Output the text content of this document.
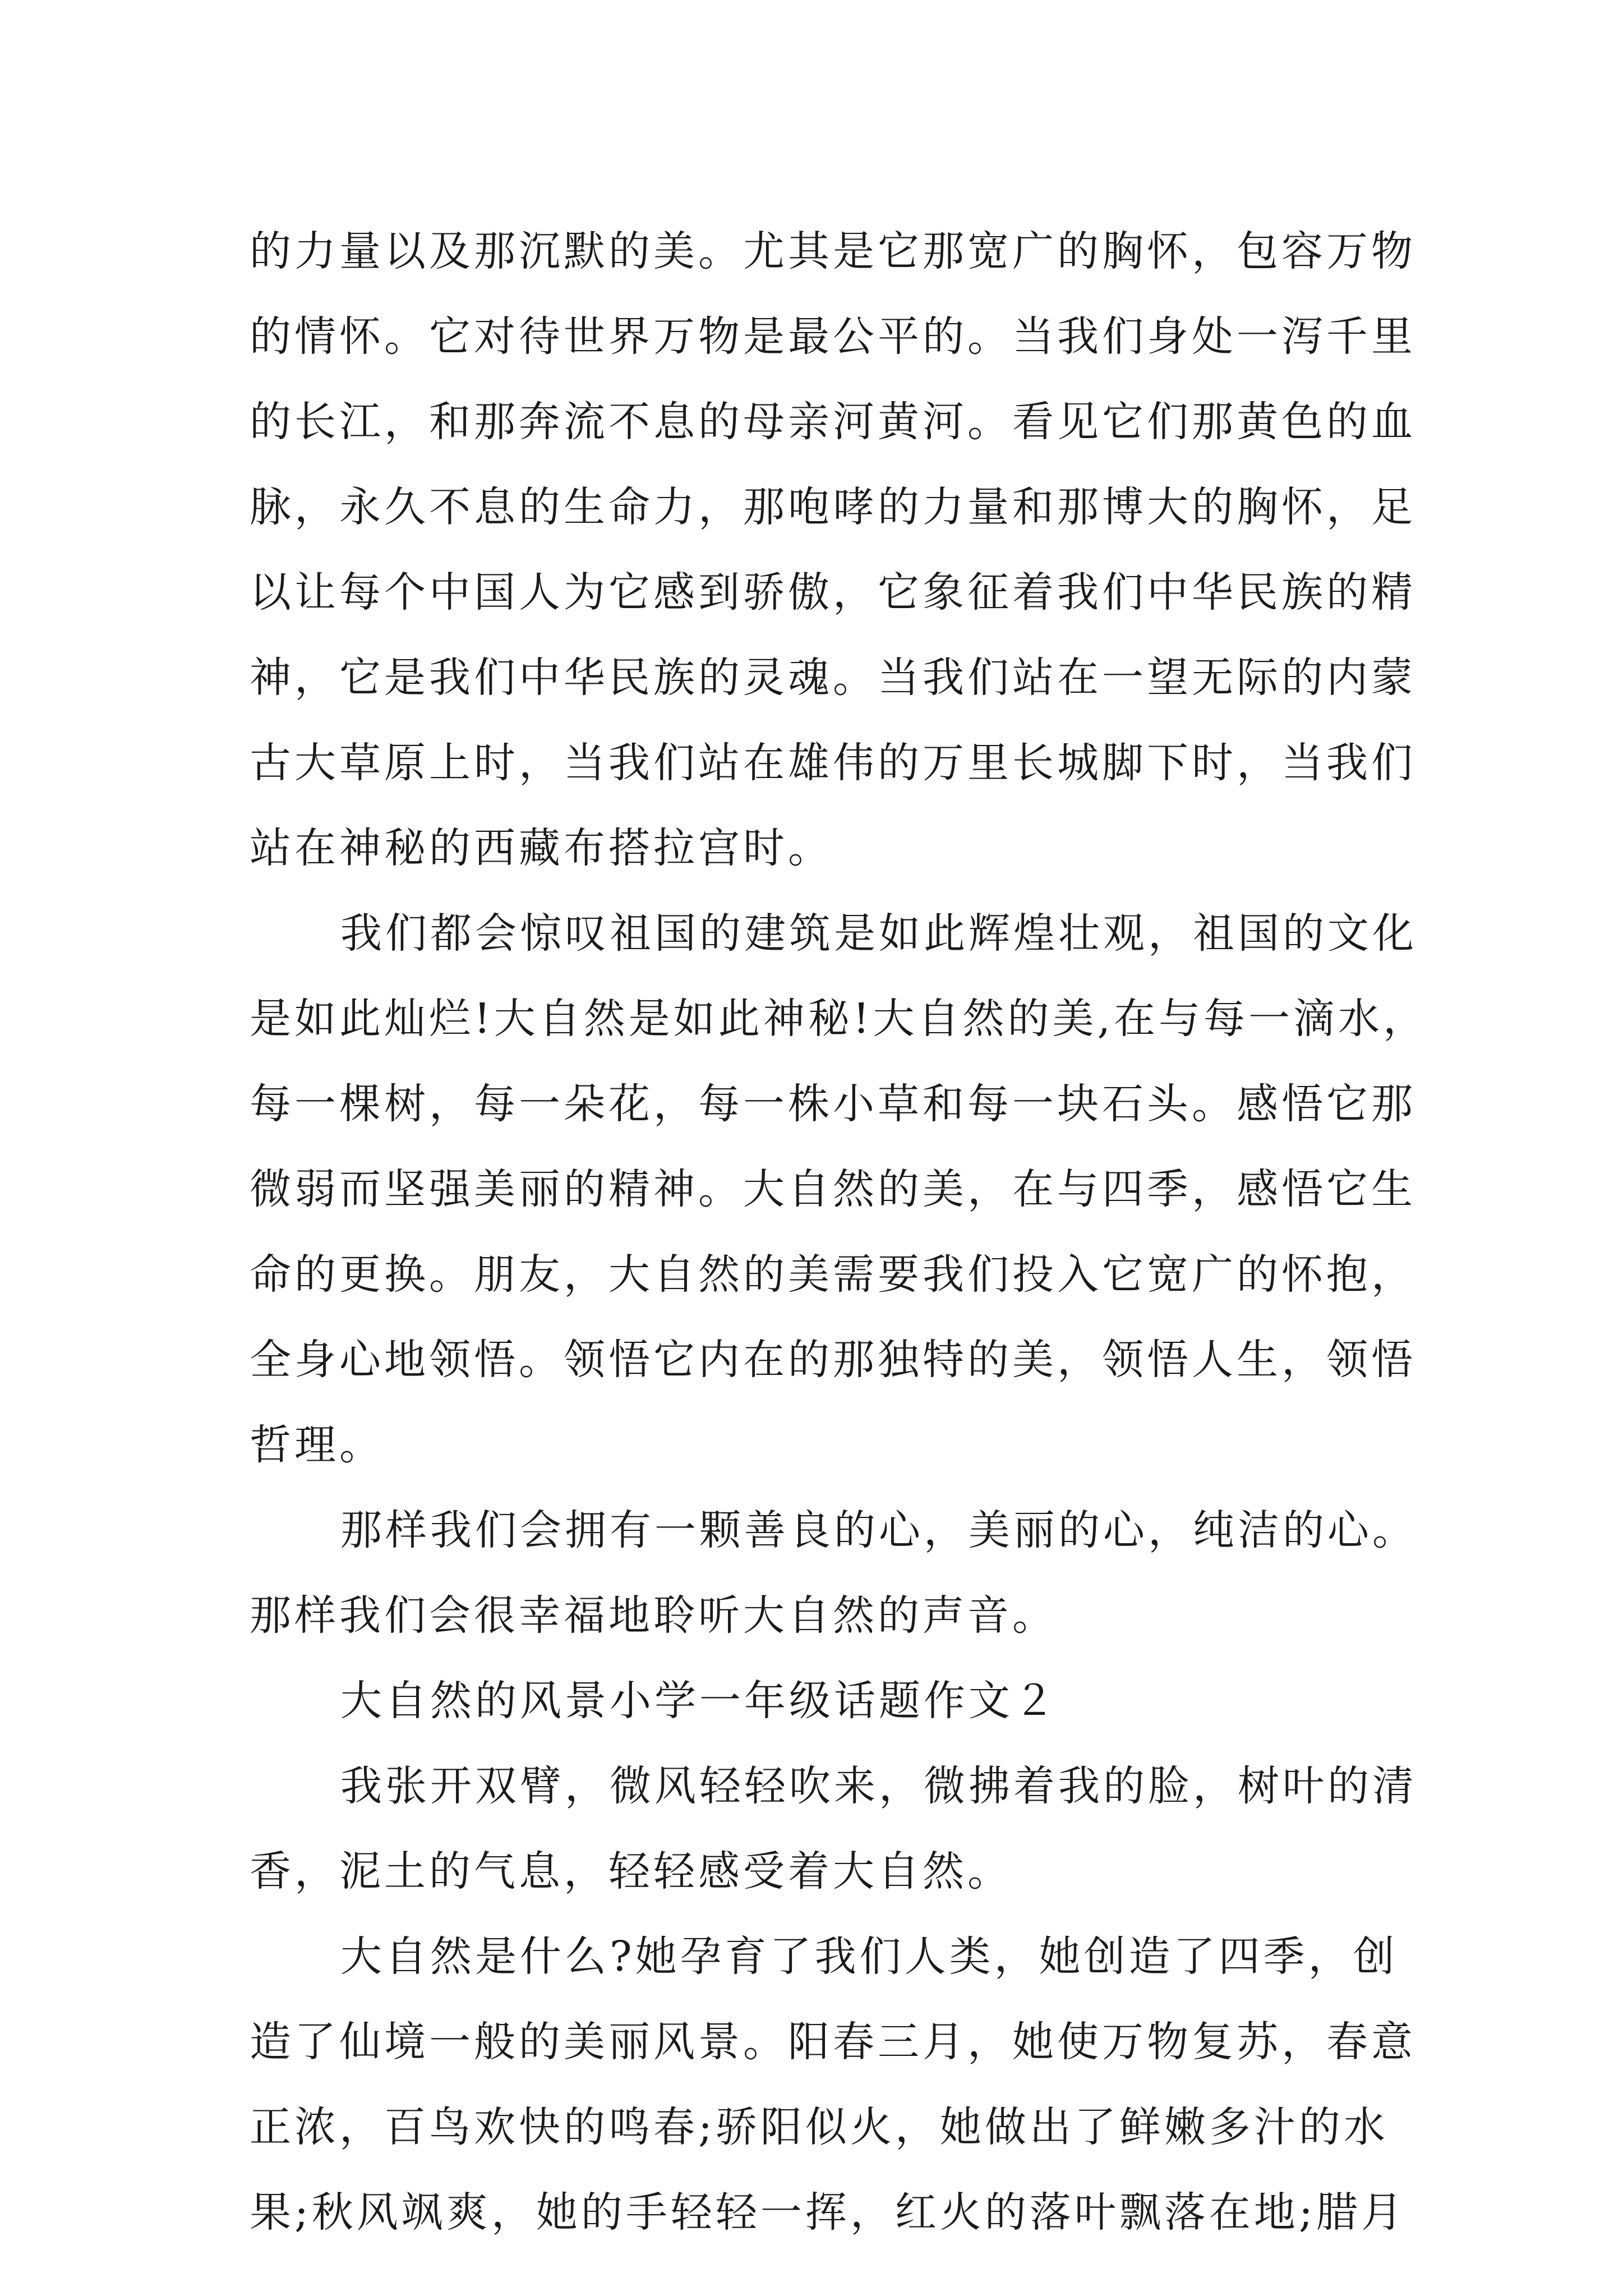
的力量以及那沉默的美。尤其是它那宽广的胸怀，包容万物

的情怀。它对待世界万物是最公平的。当我们身处一泻千里

的长江，和那奔流不息的母亲河黄河。看见它们那黄色的血

脉，永久不息的生命力，那咆哮的力量和那博大的胸怀，足

以让每个中国人为它感到骄傲，它象征着我们中华民族的精

神，它是我们中华民族的灵魂。当我们站在一望无际的内蒙

古大草原上时，当我们站在雄伟的万里长城脚下时，当我们

站在神秘的西藏布搭拉宫时。

我们都会惊叹祖国的建筑是如此辉煌壮观，祖国的文化

是如此灿烂!大自然是如此神秘!大自然的美,在与每一滴水，

每一棵树，每一朵花，每一株小草和每一块石头。感悟它那

微弱而坚强美丽的精神。大自然的美，在与四季，感悟它生

命的更换。朋友，大自然的美需要我们投入它宽广的怀抱，

全身心地领悟。领悟它内在的那独特的美，领悟人生，领悟

哲理。

那样我们会拥有一颗善良的心，美丽的心，纯洁的心。

那样我们会很幸福地聆听大自然的声音。

大自然的风景小学一年级话题作文２

我张开双臂，微风轻轻吹来，微拂着我的脸，树叶的清

香，泥土的气息，轻轻感受着大自然。

大自然是什么?她孕育了我们人类，她创造了四季，创

造了仙境一般的美丽风景。阳春三月，她使万物复苏，春意

正浓，百鸟欢快的鸣春;骄阳似火，她做出了鲜嫩多汁的水

果;秋风飒爽，她的手轻轻一挥，红火的落叶飘落在地;腊月
